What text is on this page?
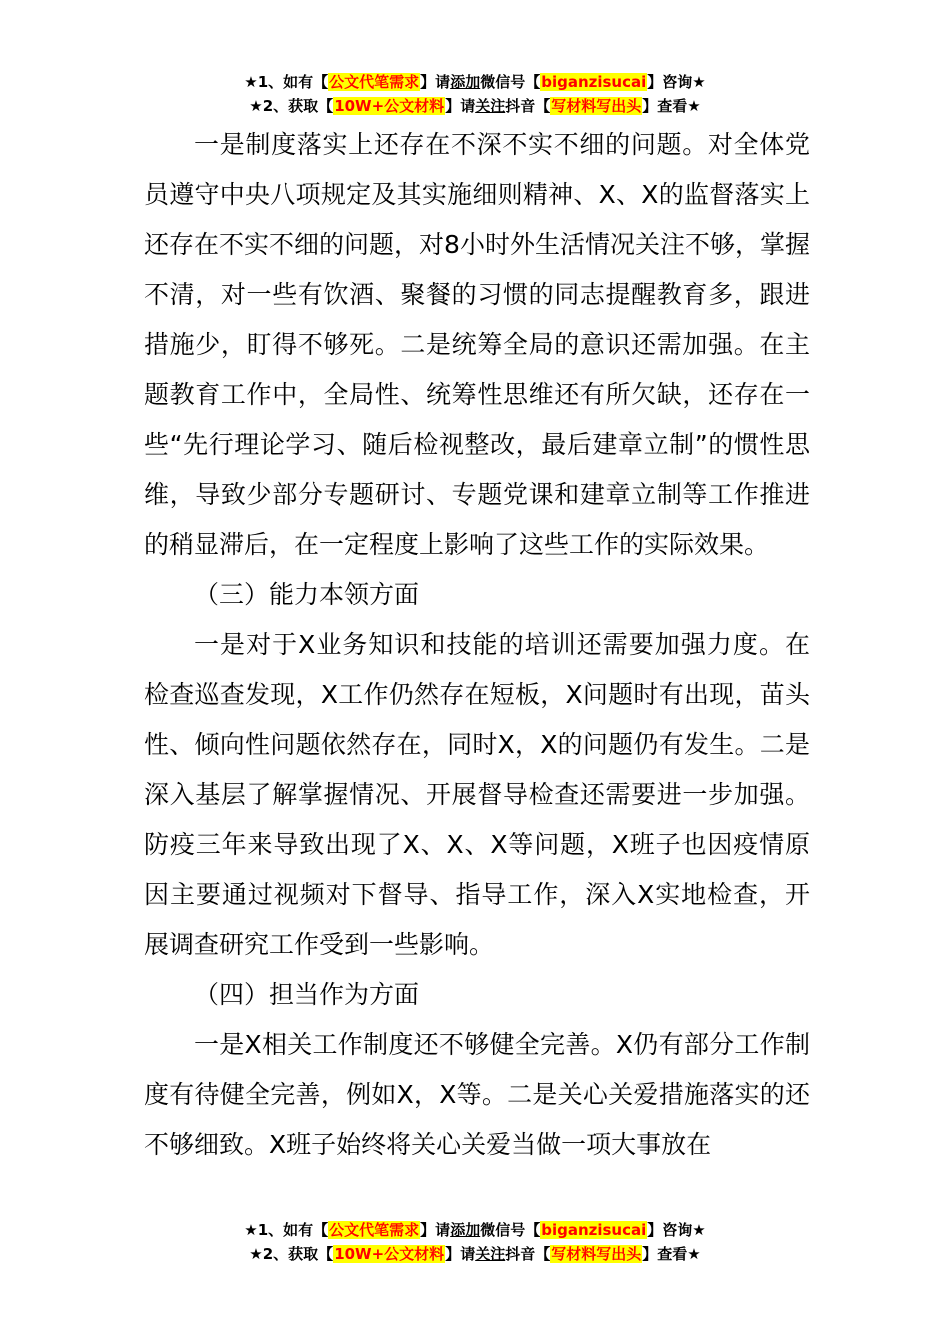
★1、如有【公文代笔需求】请添加微信号【biganzisucai】咨询★
★2、获取【10W+公文材料】请关注抖音【写材料写出头】查看★

一是制度落实上还存在不深不实不细的问题。对全体党员遵守中央八项规定及其实施细则精神、X、X的监督落实上还存在不实不细的问题，对8小时外生活情况关注不够，掌握不清，对一些有饮酒、聚餐的习惯的同志提醒教育多，跟进措施少，盯得不够死。二是统筹全局的意识还需加强。在主题教育工作中，全局性、统筹性思维还有所欠缺，还存在一些“先行理论学习、随后检视整改，最后建章立制”的惯性思维，导致少部分专题研讨、专题党课和建章立制等工作推进的稍显滞后，在一定程度上影响了这些工作的实际效果。

（三）能力本领方面

一是对于X业务知识和技能的培训还需要加强力度。在检查巡查发现，X工作仍然存在短板，X问题时有出现，苗头性、倾向性问题依然存在，同时X，X的问题仍有发生。二是深入基层了解掌握情况、开展督导检查还需要进一步加强。防疫三年来导致出现了X、X、X等问题，X班子也因疫情原因主要通过视频对下督导、指导工作，深入X实地检查，开展调查研究工作受到一些影响。

（四）担当作为方面

一是X相关工作制度还不够健全完善。X仍有部分工作制度有待健全完善，例如X，X等。二是关心关爱措施落实的还不够细致。X班子始终将关心关爱当做一项大事放在

★1、如有【公文代笔需求】请添加微信号【biganzisucai】咨询★
★2、获取【10W+公文材料】请关注抖音【写材料写出头】查看★
